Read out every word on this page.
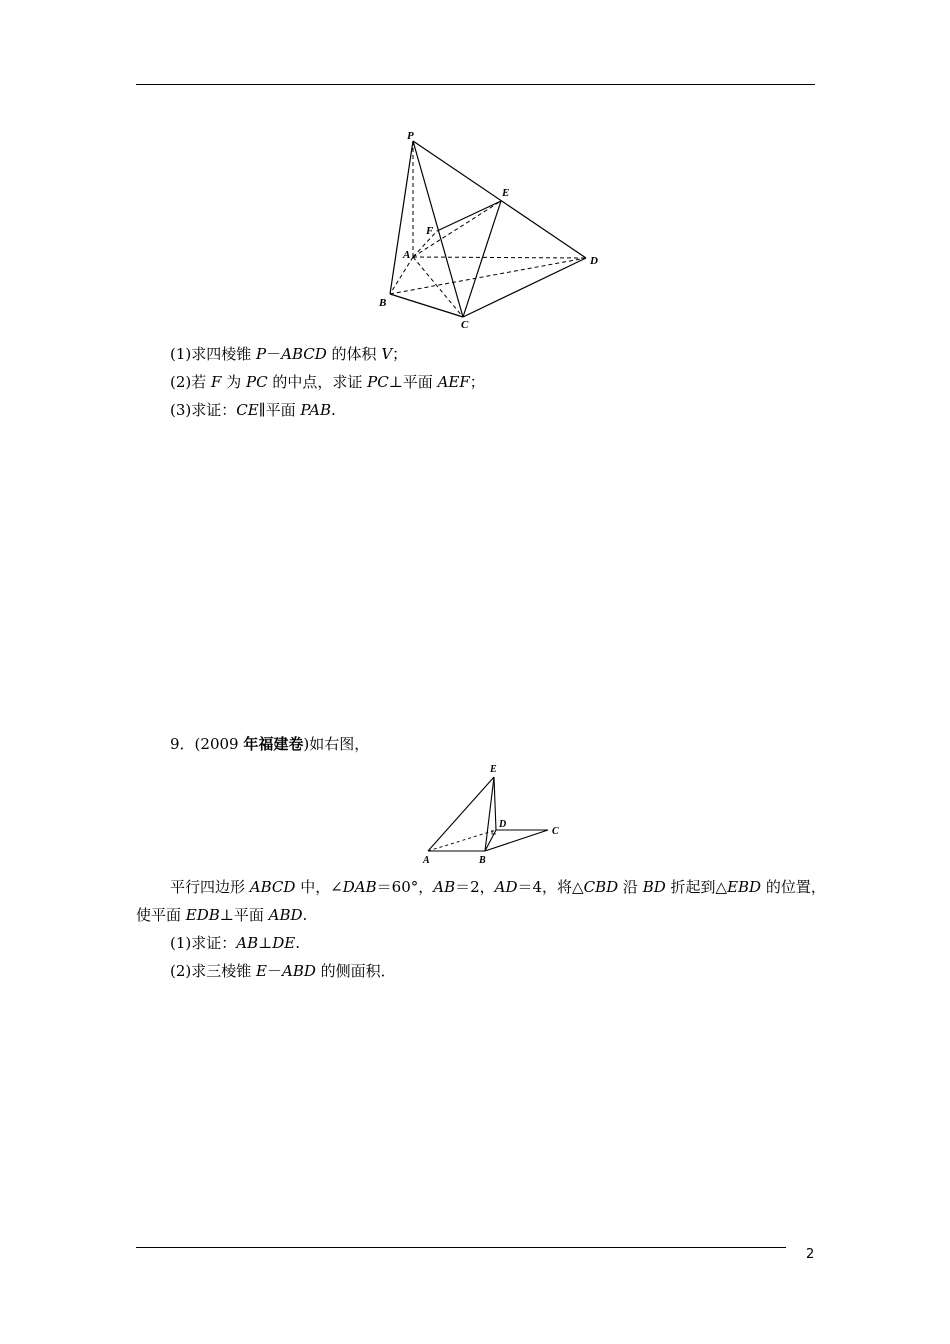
P
E
F
A	D
B
C
(1)求四棱锥 P－ABCD 的体积 V；
(2)若 F 为 PC 的中点，求证 PC⊥平面 AEF；
(3)求证：CE∥平面 PAB.
9．(2009 年福建卷)如右图，
E
D
C
A	B
平行四边形 ABCD 中，∠DAB＝60°，AB＝2，AD＝4，将△CBD 沿 BD 折起到△EBD 的位置，
使平面 EDB⊥平面 ABD.
(1)求证：AB⊥DE.
(2)求三棱锥 E－ABD 的侧面积．
2
